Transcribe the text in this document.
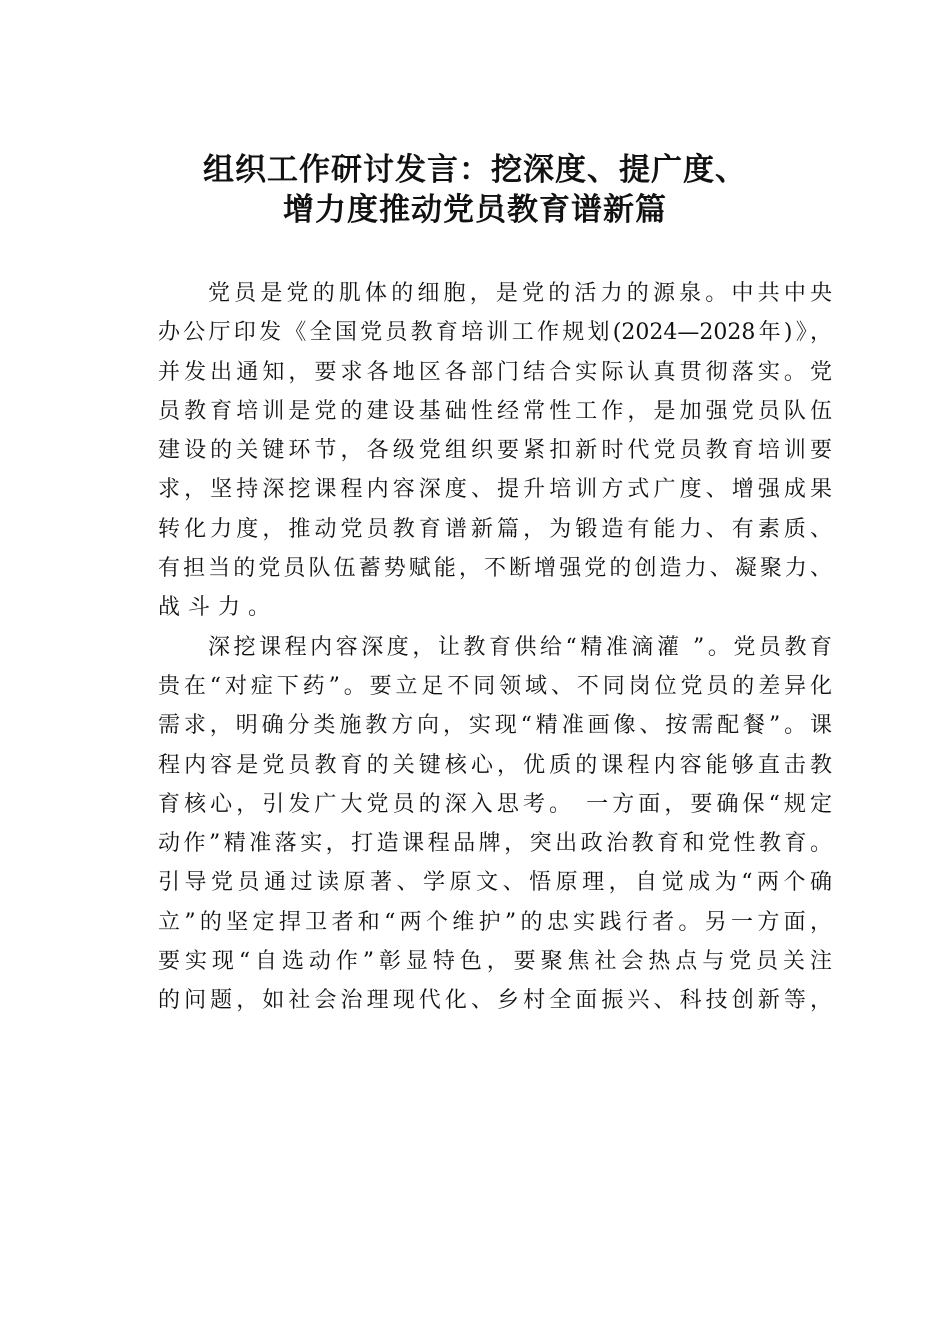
组织工作研讨发言：挖深度、提广度、
增力度推动党员教育谱新篇
党员是党的肌体的细胞，是党的活力的源泉。中共中央
办公厅印发《全国党员教育培训工作规划(2024—2028年)》，
并发出通知，要求各地区各部门结合实际认真贯彻落实。党
员教育培训是党的建设基础性经常性工作，是加强党员队伍
建设的关键环节，各级党组织要紧扣新时代党员教育培训要
求，坚持深挖课程内容深度、提升培训方式广度、增强成果
转化力度，推动党员教育谱新篇，为锻造有能力、有素质、
有担当的党员队伍蓄势赋能，不断增强党的创造力、凝聚力、
战斗力。
深挖课程内容深度，让教育供给“精准滴灌 ”。党员教育
贵在“对症下药”。要立足不同领域、不同岗位党员的差异化
需求，明确分类施教方向，实现“精准画像、按需配餐”。课
程内容是党员教育的关键核心，优质的课程内容能够直击教
育核心，引发广大党员的深入思考。 一方面，要确保“规定
动作”精准落实，打造课程品牌，突出政治教育和党性教育。
引导党员通过读原著、学原文、悟原理，自觉成为“两个确
立”的坚定捍卫者和“两个维护”的忠实践行者。另一方面，
要实现“自选动作”彰显特色，要聚焦社会热点与党员关注
的问题，如社会治理现代化、乡村全面振兴、科技创新等，
